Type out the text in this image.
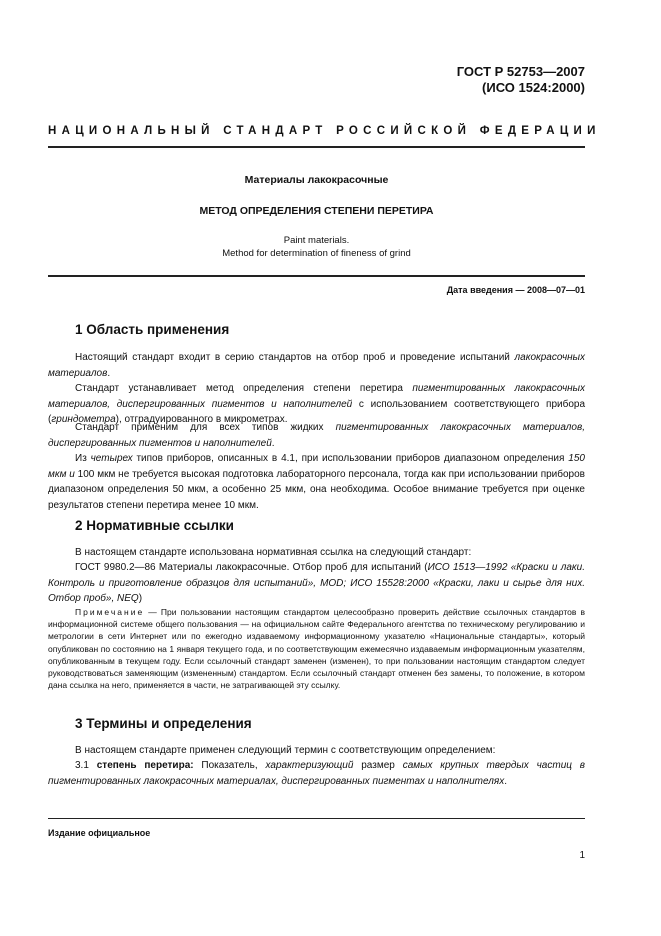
ГОСТ Р 52753—2007
(ИСО 1524:2000)
НАЦИОНАЛЬНЫЙ СТАНДАРТ РОССИЙСКОЙ ФЕДЕРАЦИИ
Материалы лакокрасочные
МЕТОД ОПРЕДЕЛЕНИЯ СТЕПЕНИ ПЕРЕТИРА
Paint materials.
Method for determination of fineness of grind
Дата введения — 2008—07—01
1 Область применения

Настоящий стандарт входит в серию стандартов на отбор проб и проведение испытаний лакокрасочных материалов.

Стандарт устанавливает метод определения степени перетира пигментированных лакокрасочных материалов, диспергированных пигментов и наполнителей с использованием соответствующего прибора (гриндометра), отградуированного в микрометрах.

Стандарт применим для всех типов жидких пигментированных лакокрасочных материалов, диспергированных пигментов и наполнителей.

Из четырех типов приборов, описанных в 4.1, при использовании приборов диапазоном определения 150 мкм и 100 мкм не требуется высокая подготовка лабораторного персонала, тогда как при использовании приборов диапазоном определения 50 мкм, а особенно 25 мкм, она необходима. Особое внимание требуется при оценке результатов степени перетира менее 10 мкм.

2 Нормативные ссылки

В настоящем стандарте использована нормативная ссылка на следующий стандарт:

ГОСТ 9980.2—86 Материалы лакокрасочные. Отбор проб для испытаний (ИСО 1513—1992 «Краски и лаки. Контроль и приготовление образцов для испытаний», MOD; ИСО 15528:2000 «Краски, лаки и сырье для них. Отбор проб», NEQ)

Примечание — При пользовании настоящим стандартом целесообразно проверить действие ссылочных стандартов в информационной системе общего пользования — на официальном сайте Федерального агентства по техническому регулированию и метрологии в сети Интернет или по ежегодно издаваемому информационному указателю «Национальные стандарты», который опубликован по состоянию на 1 января текущего года, и по соответствующим ежемесячно издаваемым информационным указателям, опубликованным в текущем году. Если ссылочный стандарт заменен (изменен), то при пользовании настоящим стандартом следует руководствоваться заменяющим (измененным) стандартом. Если ссылочный стандарт отменен без замены, то положение, в котором дана ссылка на него, применяется в части, не затрагивающей эту ссылку.

3 Термины и определения

В настоящем стандарте применен следующий термин с соответствующим определением:

3.1 степень перетира: Показатель, характеризующий размер самых крупных твердых частиц в пигментированных лакокрасочных материалах, диспергированных пигментах и наполнителях.

Издание официальное
1
